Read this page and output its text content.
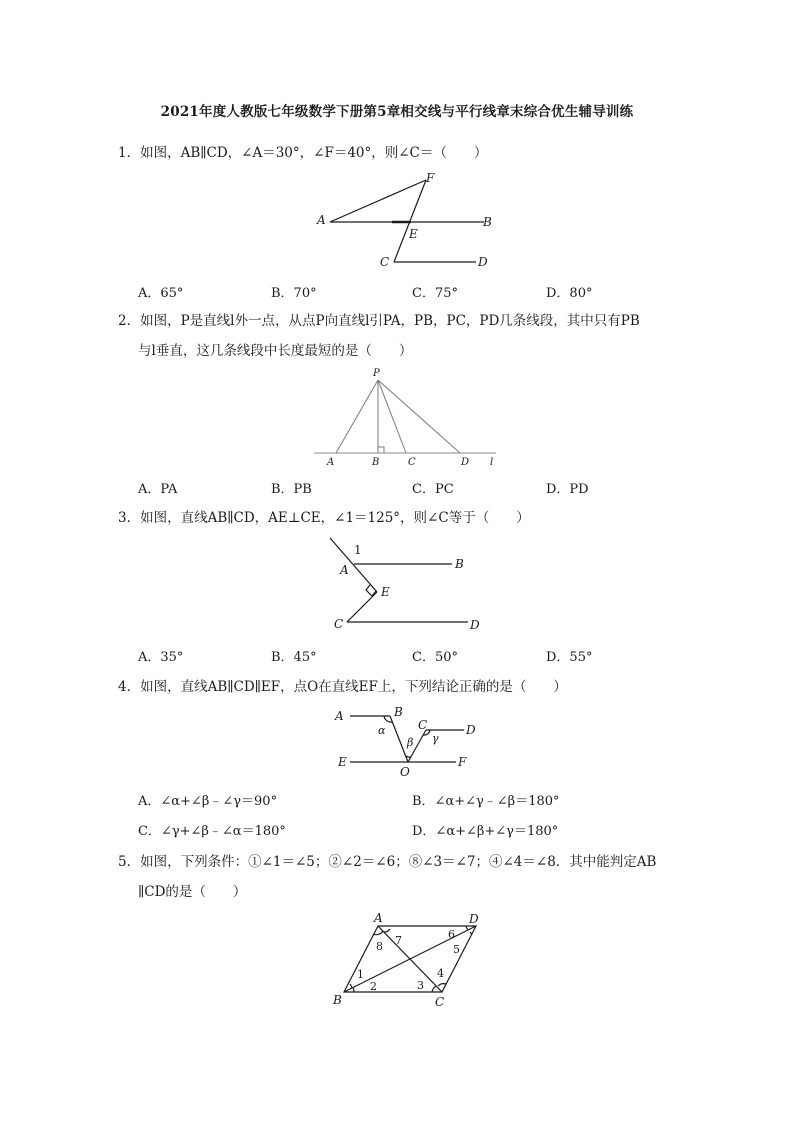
2021年度人教版七年级数学下册第5章相交线与平行线章末综合优生辅导训练
1．如图，AB∥CD，∠A＝30°，∠F＝40°，则∠C＝（　　）
F
A	B
E
C	D
A．65°	B．70°	C．75°	D．80°
2．如图，P是直线l外一点，从点P向直线l引PA，PB，PC，PD几条线段，其中只有PB
与l垂直，这几条线段中长度最短的是（　　）
P
A	B	C	D l
A．PA	B．PB	C．PC	D．PD
3．如图，直线AB∥CD，AE⊥CE，∠1＝125°，则∠C等于（　　）
1
A	B
E
C	D
A．35°	B．45°	C．50°	D．55°
4．如图，直线AB∥CD∥EF，点O在直线EF上，下列结论正确的是（　　）
A	B
α	C	D
β γ
E
O
F
A．∠α+∠β﹣∠γ＝90°	B．∠α+∠γ﹣∠β＝180°
C．∠γ+∠β﹣∠α＝180°	D．∠α+∠β+∠γ＝180°
5．如图，下列条件：①∠1＝∠5；②∠2＝∠6；⑧∠3＝∠7；④∠4＝∠8．其中能判定AB
∥CD的是（　　）
A	D
B	C
8 7	6
5
1
2	3
4
